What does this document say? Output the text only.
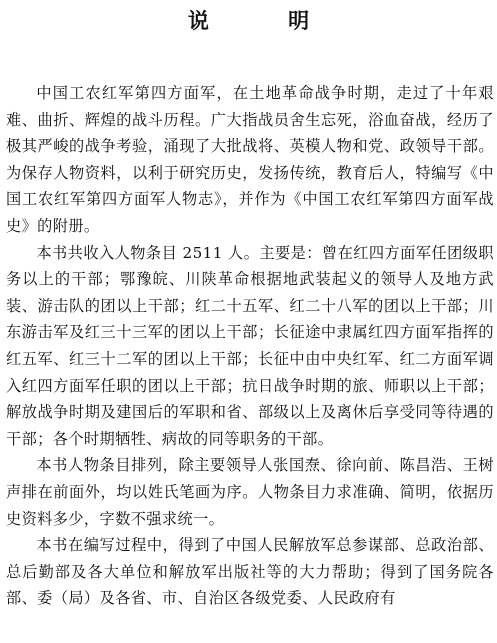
说 明

中国工农红军第四方面军，在土地革命战争时期，走过了十年艰难、曲折、辉煌的战斗历程。广大指战员舍生忘死，浴血奋战，经历了极其严峻的战争考验，涌现了大批战将、英模人物和党、政领导干部。为保存人物资料，以利于研究历史，发扬传统，教育后人，特编写《中国工农红军第四方面军人物志》，并作为《中国工农红军第四方面军战史》的附册。

本书共收入人物条目 2511 人。主要是：曾在红四方面军任团级职务以上的干部；鄂豫皖、川陕革命根据地武装起义的领导人及地方武装、游击队的团以上干部；红二十五军、红二十八军的团以上干部；川东游击军及红三十三军的团以上干部；长征途中隶属红四方面军指挥的红五军、红三十二军的团以上干部；长征中由中央红军、红二方面军调入红四方面军任职的团以上干部；抗日战争时期的旅、师职以上干部；解放战争时期及建国后的军职和省、部级以上及离休后享受同等待遇的干部；各个时期牺牲、病故的同等职务的干部。

本书人物条目排列，除主要领导人张国焘、徐向前、陈昌浩、王树声排在前面外，均以姓氏笔画为序。人物条目力求准确、简明，依据历史资料多少，字数不强求统一。

本书在编写过程中，得到了中国人民解放军总参谋部、总政治部、总后勤部及各大单位和解放军出版社等的大力帮助；得到了国务院各部、委（局）及各省、市、自治区各级党委、人民政府有
